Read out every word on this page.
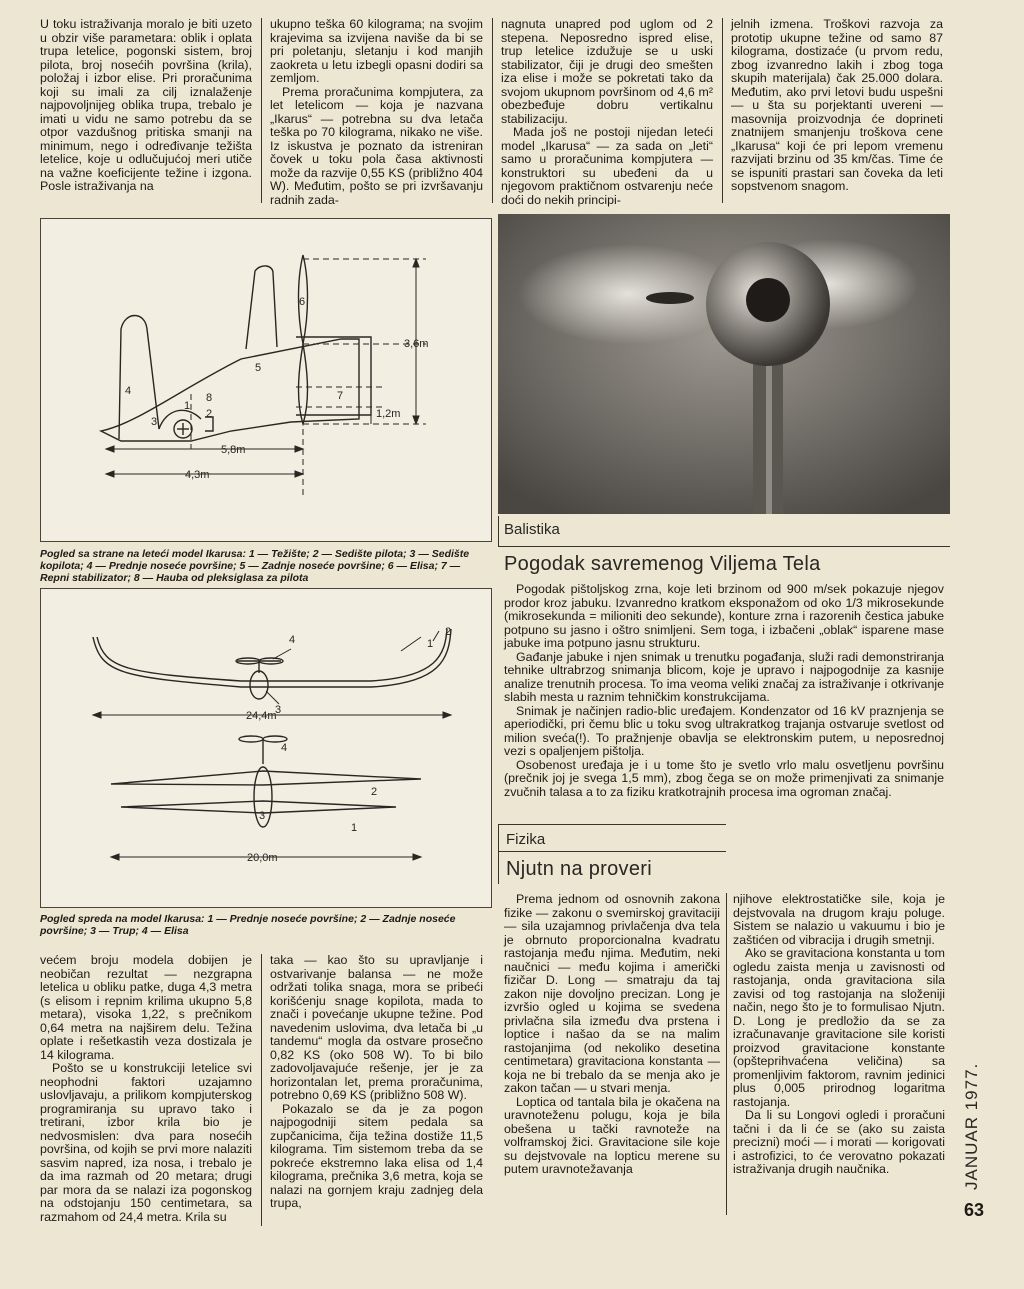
U toku istraživanja moralo je biti uzeto u obzir više parametara: oblik i oplata trupa letelice, pogonski sistem, broj pilota, broj nosećih površina (krila), položaj i izbor elise. Pri proračunima koji su imali za cilj iznalaženje najpovoljnijeg oblika trupa, trebalo je imati u vidu ne samo potrebu da se otpor vazdušnog pritiska smanji na minimum, nego i određivanje težišta letelice, koje u odlučujućoj meri utiče na važne koeficijente težine i izgona. Posle istraživanja na

ukupno teška 60 kilograma; na svojim krajevima sa izvijena naviše da bi se pri poletanju, sletanju i kod manjih zaokreta u letu izbegli opasni dodiri sa zemljom.

Prema proračunima kompjutera, za let letelicom — koja je nazvana „Ikarus“ — potrebna su dva letača teška po 70 kilograma, nikako ne više. Iz iskustva je poznato da istreniran čovek u toku pola časa aktivnosti može da razvije 0,55 KS (približno 404 W). Međutim, pošto se pri izvršavanju radnih zada-

nagnuta unapred pod uglom od 2 stepena. Neposredno ispred elise, trup letelice izdužuje se u uski stabilizator, čiji je drugi deo smešten iza elise i može se pokretati tako da svojom ukupnom površinom od 4,6 m² obezbeđuje dobru vertikalnu stabilizaciju.

Mada još ne postoji nijedan leteći model „Ikarusa“ — za sada on „leti“ samo u proračunima kompjutera — konstruktori su ubeđeni da u njegovom praktičnom ostvarenju neće doći do nekih principi-

jelnih izmena. Troškovi razvoja za prototip ukupne težine od samo 87 kilograma, dostizaće (u prvom redu, zbog izvanredno lakih i zbog toga skupih materijala) čak 25.000 dolara. Međutim, ako prvi letovi budu uspešni — u šta su porjektanti uvereni — masovnija proizvodnja će doprineti znatnijem smanjenju troškova cene „Ikarusa“ koji će pri lepom vremenu razvijati brzinu od 35 km/čas. Time će se ispuniti prastari san čoveka da leti sopstvenom snagom.

4
1
2
3
8
5
6
7
3,6m
1,2m
5,8m
4,3m
Pogled sa strane na leteći model Ikarusa: 1 — Težište; 2 — Sedište pilota; 3 — Sedište kopilota; 4 — Prednje noseće površine; 5 — Zadnje noseće površine; 6 — Elisa; 7 — Repni stabilizator; 8 — Hauba od pleksiglasa za pilota
4	1
2
3
24,4m
4
2
3
1
20,0m
Pogled spreda na model Ikarusa: 1 — Prednje noseće površine; 2 — Zadnje noseće površine; 3 — Trup; 4 — Elisa

većem broju modela dobijen je neobičan rezultat — nezgrapna letelica u obliku patke, duga 4,3 metra (s elisom i repnim krilima ukupno 5,8 metara), visoka 1,22, s prečnikom 0,64 metra na najširem delu. Težina oplate i rešetkastih veza dostizala je 14 kilograma.

Pošto se u konstrukciji letelice svi neophodni faktori uzajamno uslovljavaju, a prilikom kompjuterskog programiranja su upravo tako i tretirani, izbor krila bio je nedvosmislen: dva para nosećih površina, od kojih se prvi more nalaziti sasvim napred, iza nosa, i trebalo je da ima razmah od 20 metara; drugi par mora da se nalazi iza pogonskog na odstojanju 150 centimetara, sa razmahom od 24,4 metra. Krila su

taka — kao što su upravljanje i ostvarivanje balansa — ne može održati tolika snaga, mora se pribeći korišćenju snage kopilota, mada to znači i povećanje ukupne težine. Pod navedenim uslovima, dva letača bi „u tandemu“ mogla da ostvare prosečno 0,82 KS (oko 508 W). To bi bilo zadovoljavajuće rešenje, jer je za horizontalan let, prema proračunima, potrebno 0,69 KS (približno 508 W).

Pokazalo se da je za pogon najpogodniji sitem pedala sa zupčanicima, čija težina dostiže 11,5 kilograma. Tim sistemom treba da se pokreće ekstremno laka elisa od 1,4 kilograma, prečnika 3,6 metra, koja se nalazi na gornjem kraju zadnjeg dela trupa,

Balistika
Pogodak savremenog Viljema Tela

Pogodak pištoljskog zrna, koje leti brzinom od 900 m/sek pokazuje njegov prodor kroz jabuku. Izvanredno kratkom eksponažom od oko 1/3 mikrosekunde (mikrosekunda = milioniti deo sekunde), konture zrna i razorenih čestica jabuke potpuno su jasno i oštro snimljeni. Sem toga, i izbačeni „oblak“ isparene mase jabuke ima potpuno jasnu strukturu.

Gađanje jabuke i njen snimak u trenutku pogađanja, služi radi demonstriranja tehnike ultrabrzog snimanja blicom, koje je upravo i najpogodnije za kasnije analize trenutnih procesa. To ima veoma veliki značaj za istraživanje i otkrivanje slabih mesta u raznim tehničkim konstrukcijama.

Snimak je načinjen radio-blic uređajem. Kondenzator od 16 kV praznjenja se aperiodički, pri čemu blic u toku svog ultrakratkog trajanja ostvaruje svetlost od milion sveća(!). To pražnjenje obavlja se elektronskim putem, u neposrednoj vezi s opaljenjem pištolja.

Osobenost uređaja je i u tome što je svetlo vrlo malu osvetljenu površinu (prečnik joj je svega 1,5 mm), zbog čega se on može primenjivati za snimanje zvučnih talasa a to za fiziku kratkotrajnih procesa ima ogroman značaj.

Fizika
Njutn na proveri

Prema jednom od osnovnih zakona fizike — zakonu o svemirskoj gravitaciji — sila uzajamnog privlačenja dva tela je obrnuto proporcionalna kvadratu rastojanja među njima. Međutim, neki naučnici — među kojima i američki fizičar D. Long — smatraju da taj zakon nije dovoljno precizan. Long je izvršio ogled u kojima se svedena privlačna sila između dva prstena i loptice i našao da se na malim rastojanjima (od nekoliko desetina centimetara) gravitaciona konstanta — koja ne bi trebalo da se menja ako je zakon tačan — u stvari menja.

Loptica od tantala bila je okačena na uravnoteženu polugu, koja je bila obešena u tački ravnoteže na volframskoj žici. Gravitacione sile koje su dejstvovale na lopticu merene su putem uravnotežavanja

njihove elektrostatičke sile, koja je dejstvovala na drugom kraju poluge. Sistem se nalazio u vakuumu i bio je zaštićen od vibracija i drugih smetnji.

Ako se gravitaciona konstanta u tom ogledu zaista menja u zavisnosti od rastojanja, onda gravitaciona sila zavisi od tog rastojanja na složeniji način, nego što je to formulisao Njutn. D. Long je predložio da se za izračunavanje gravitacione sile koristi proizvod gravitacione konstante (opšteprihvaćena veličina) sa promenljivim faktorom, ravnim jedinici plus 0,005 prirodnog logaritma rastojanja.

Da li su Longovi ogledi i proračuni tačni i da li će se (ako su zaista precizni) moći — i morati — korigovati i astrofizici, to će verovatno pokazati istraživanja drugih naučnika.	JANUAR 1977.
63
